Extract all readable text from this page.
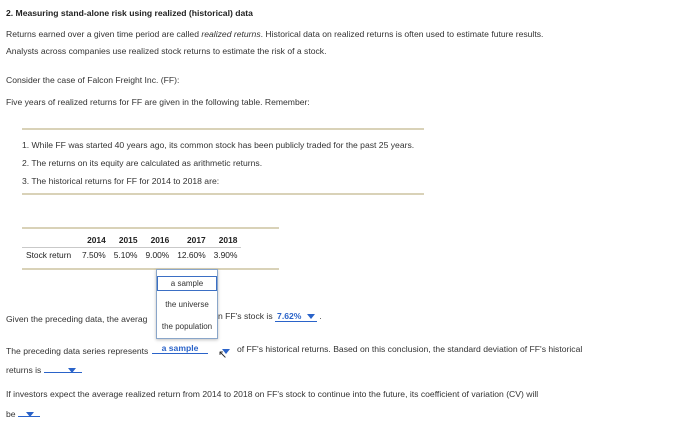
2. Measuring stand-alone risk using realized (historical) data
Returns earned over a given time period are called realized returns. Historical data on realized returns is often used to estimate future results.
Analysts across companies use realized stock returns to estimate the risk of a stock.
Consider the case of Falcon Freight Inc. (FF):
Five years of realized returns for FF are given in the following table. Remember:
1. While FF was started 40 years ago, its common stock has been publicly traded for the past 25 years.
2. The returns on its equity are calculated as arithmetic returns.
3. The historical returns for FF for 2014 to 2018 are:
	2014	2015	2016	2017	2018
Stock return	7.50%	5.10%	9.00%	12.60%	3.90%
Given the preceding data, the averag	n FF's stock is 7.62% .
The preceding data series represents	a sample	of FF's historical returns. Based on this conclusion, the standard deviation of FF's historical
returns is
↖
a sample
the universe
the population
If investors expect the average realized return from 2014 to 2018 on FF's stock to continue into the future, its coefficient of variation (CV) will
be
